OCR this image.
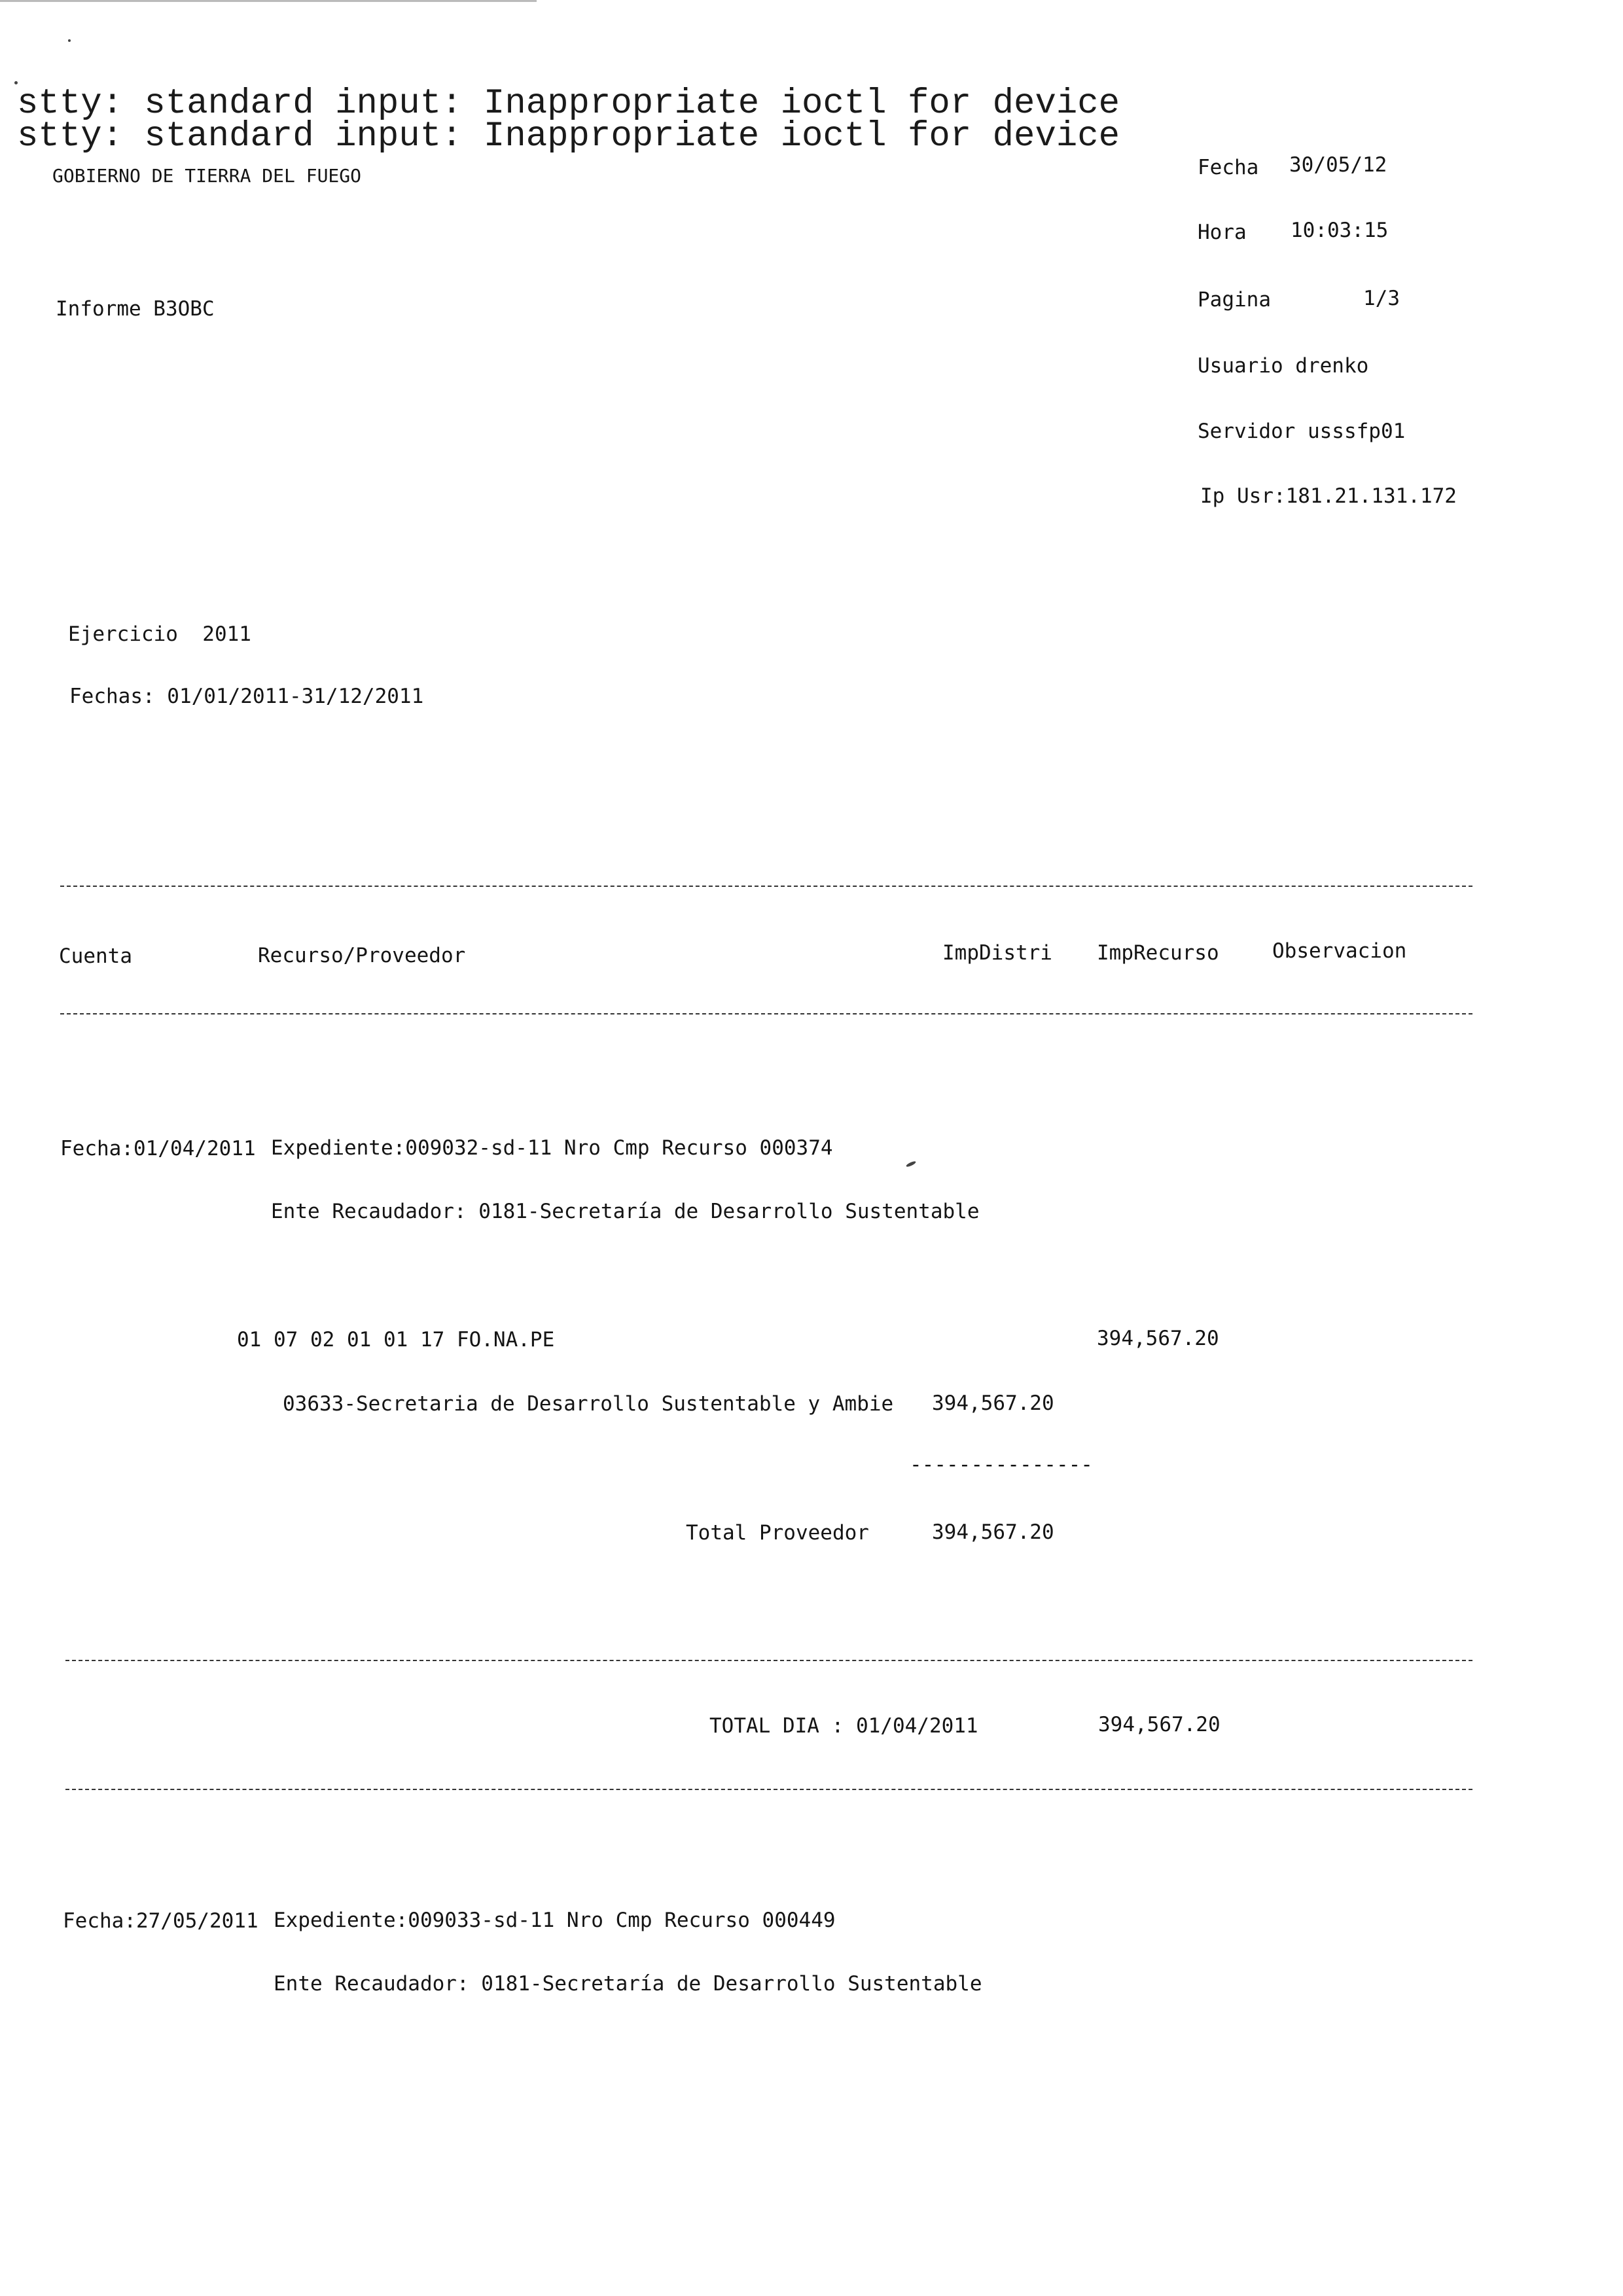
stty: standard input: Inappropriate ioctl for device
stty: standard input: Inappropriate ioctl for device
GOBIERNO DE TIERRA DEL FUEGO
Informe B3OBC
Fecha 30/05/12
Hora 10:03:15
Pagina	1/3
Usuario drenko
Servidor usssfp01
Ip Usr:181.21.131.172
Ejercicio  2011
Fechas: 01/01/2011-31/12/2011
Cuenta	Recurso/Proveedor	ImpDistri ImpRecurso	Observacion
Fecha:01/04/2011 Expediente:009032-sd-11 Nro Cmp Recurso 000374
Ente Recaudador: 0181-Secretaría de Desarrollo Sustentable
01 07 02 01 01 17 FO.NA.PE	394,567.20
03633-Secretaria de Desarrollo Sustentable y Ambie 394,567.20
---------------
Total Proveedor	394,567.20
TOTAL DIA : 01/04/2011	394,567.20
Fecha:27/05/2011 Expediente:009033-sd-11 Nro Cmp Recurso 000449
Ente Recaudador: 0181-Secretaría de Desarrollo Sustentable
